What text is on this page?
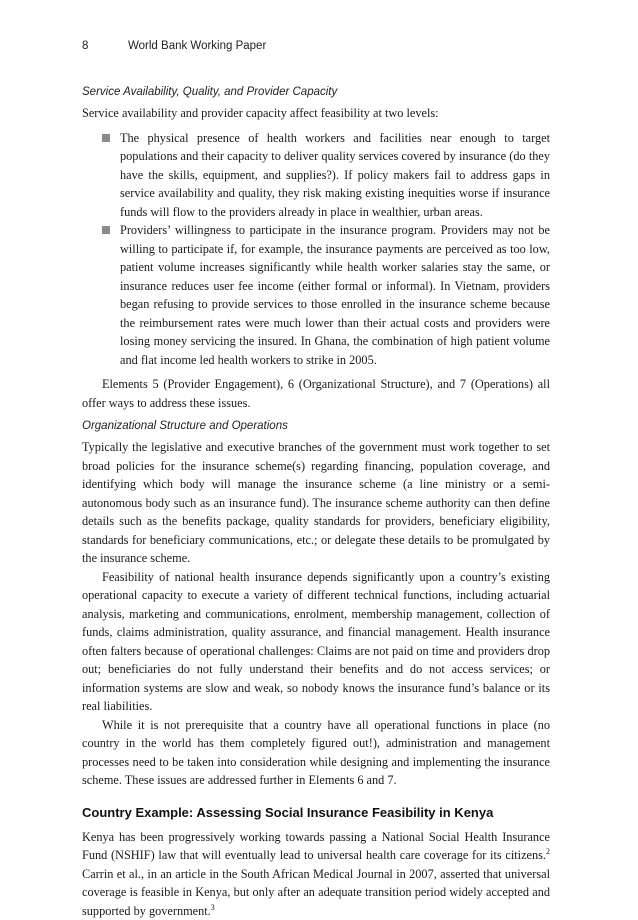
8	World Bank Working Paper
Service Availability, Quality, and Provider Capacity

Service availability and provider capacity affect feasibility at two levels:

The physical presence of health workers and facilities near enough to target populations and their capacity to deliver quality services covered by insurance (do they have the skills, equipment, and supplies?). If policy makers fail to address gaps in service availability and quality, they risk making existing inequities worse if insurance funds will flow to the providers already in place in wealthier, urban areas.
Providers’ willingness to participate in the insurance program. Providers may not be willing to participate if, for example, the insurance payments are perceived as too low, patient volume increases significantly while health worker salaries stay the same, or insurance reduces user fee income (either formal or informal). In Vietnam, providers began refusing to provide services to those enrolled in the insurance scheme because the reimbursement rates were much lower than their actual costs and providers were losing money servicing the insured. In Ghana, the combination of high patient volume and flat income led health workers to strike in 2005.

Elements 5 (Provider Engagement), 6 (Organizational Structure), and 7 (Operations) all offer ways to address these issues.

Organizational Structure and Operations

Typically the legislative and executive branches of the government must work together to set broad policies for the insurance scheme(s) regarding financing, population coverage, and identifying which body will manage the insurance scheme (a line ministry or a semi-autonomous body such as an insurance fund). The insurance scheme authority can then define details such as the benefits package, quality standards for providers, beneficiary eligibility, standards for beneficiary communications, etc.; or delegate these details to be promulgated by the insurance scheme.

Feasibility of national health insurance depends significantly upon a country’s existing operational capacity to execute a variety of different technical functions, including actuarial analysis, marketing and communications, enrolment, membership management, collection of funds, claims administration, quality assurance, and financial management. Health insurance often falters because of operational challenges: Claims are not paid on time and providers drop out; beneficiaries do not fully understand their benefits and do not access services; or information systems are slow and weak, so nobody knows the insurance fund’s balance or its real liabilities.

While it is not prerequisite that a country have all operational functions in place (no country in the world has them completely figured out!), administration and management processes need to be taken into consideration while designing and implementing the insurance scheme. These issues are addressed further in Elements 6 and 7.

Country Example: Assessing Social Insurance Feasibility in Kenya

Kenya has been progressively working towards passing a National Social Health Insurance Fund (NSHIF) law that will eventually lead to universal health care coverage for its citizens.$^2$ Carrin et al., in an article in the South African Medical Journal in 2007, asserted that universal coverage is feasible in Kenya, but only after an adequate transition period widely accepted and supported by government.$^3$
